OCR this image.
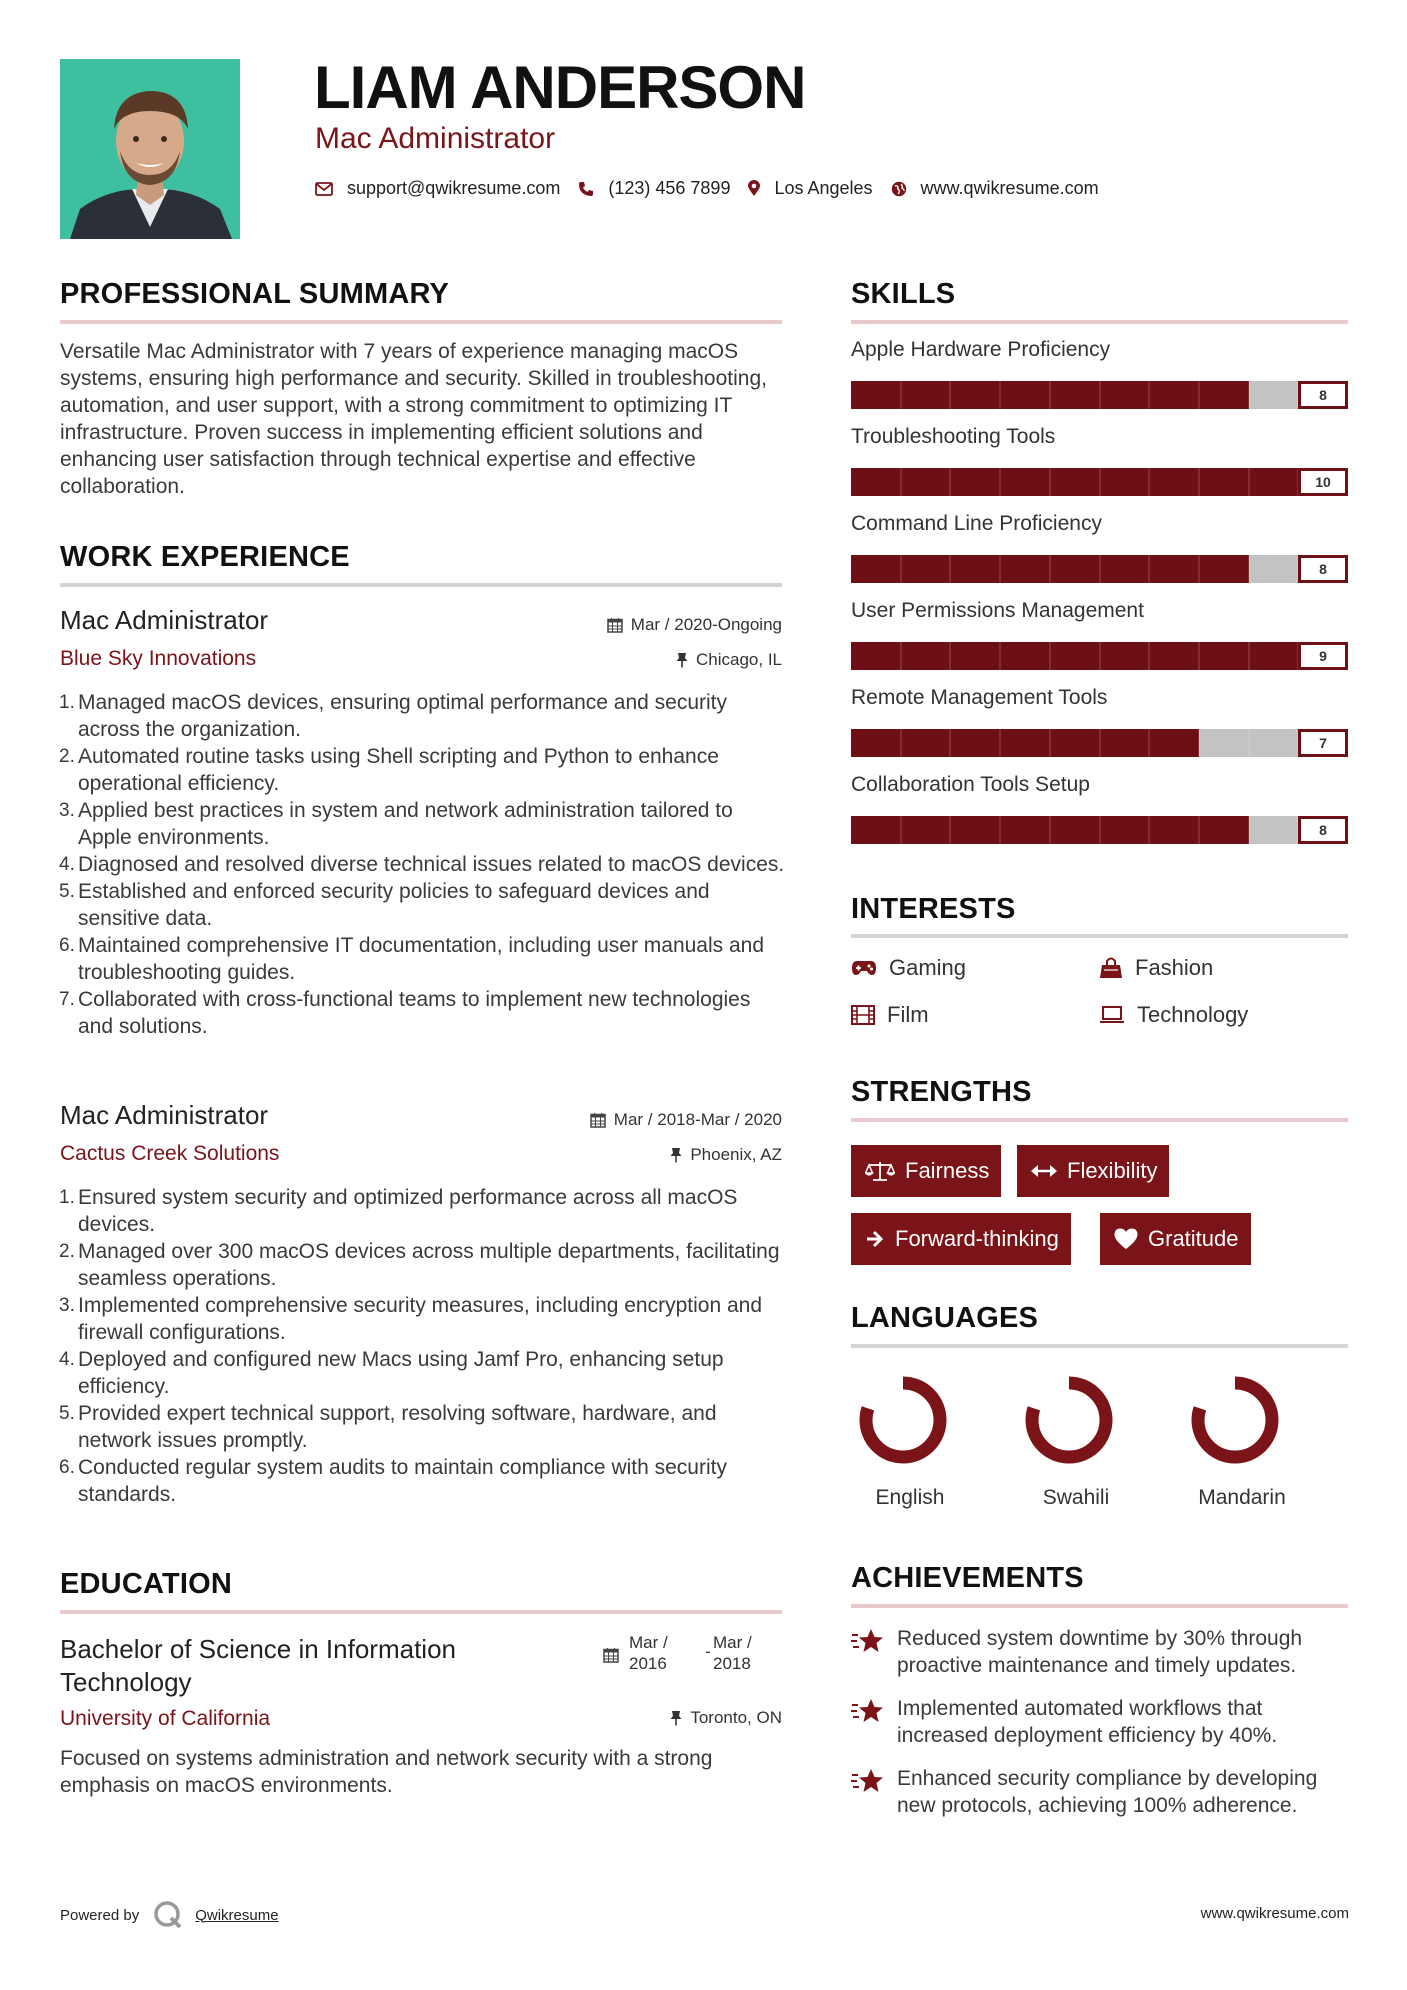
LIAM ANDERSON
Mac Administrator
support@qwikresume.com	(123) 456 7899 Los Angeles	www.qwikresume.com
PROFESSIONAL SUMMARY
Versatile Mac Administrator with 7 years of experience managing macOS systems, ensuring high performance and security. Skilled in troubleshooting, automation, and user support, with a strong commitment to optimizing IT infrastructure. Proven success in implementing efficient solutions and enhancing user satisfaction through technical expertise and effective collaboration.
WORK EXPERIENCE
Mac Administrator	Mar / 2020-Ongoing
Blue Sky Innovations	Chicago, IL
Managed macOS devices, ensuring optimal performance and security across the organization.
Automated routine tasks using Shell scripting and Python to enhance operational efficiency.
Applied best practices in system and network administration tailored to Apple environments.
Diagnosed and resolved diverse technical issues related to macOS devices.
Established and enforced security policies to safeguard devices and sensitive data.
Maintained comprehensive IT documentation, including user manuals and troubleshooting guides.
Collaborated with cross-functional teams to implement new technologies and solutions.
Mac Administrator	Mar / 2018-Mar / 2020
Cactus Creek Solutions	Phoenix, AZ
Ensured system security and optimized performance across all macOS devices.
Managed over 300 macOS devices across multiple departments, facilitating seamless operations.
Implemented comprehensive security measures, including encryption and firewall configurations.
Deployed and configured new Macs using Jamf Pro, enhancing setup efficiency.
Provided expert technical support, resolving software, hardware, and network issues promptly.
Conducted regular system audits to maintain compliance with security standards.
EDUCATION
Bachelor of Science in Information
Technology
Mar /
2016
- Mar /
2018
University of California	Toronto, ON
Focused on systems administration and network security with a strong emphasis on macOS environments.
SKILLS
Apple Hardware Proficiency
8
Troubleshooting Tools
10
Command Line Proficiency
8
User Permissions Management
9
Remote Management Tools
7
Collaboration Tools Setup
8
INTERESTS
Gaming	Fashion
Film	Technology
STRENGTHS
Fairness	Flexibility
Forward-thinking	Gratitude
LANGUAGES
English	Swahili	Mandarin
ACHIEVEMENTS
Reduced system downtime by 30% through proactive maintenance and timely updates.
Implemented automated workflows that increased deployment efficiency by 40%.
Enhanced security compliance by developing new protocols, achieving 100% adherence.
Powered by	Qwikresume	www.qwikresume.com
